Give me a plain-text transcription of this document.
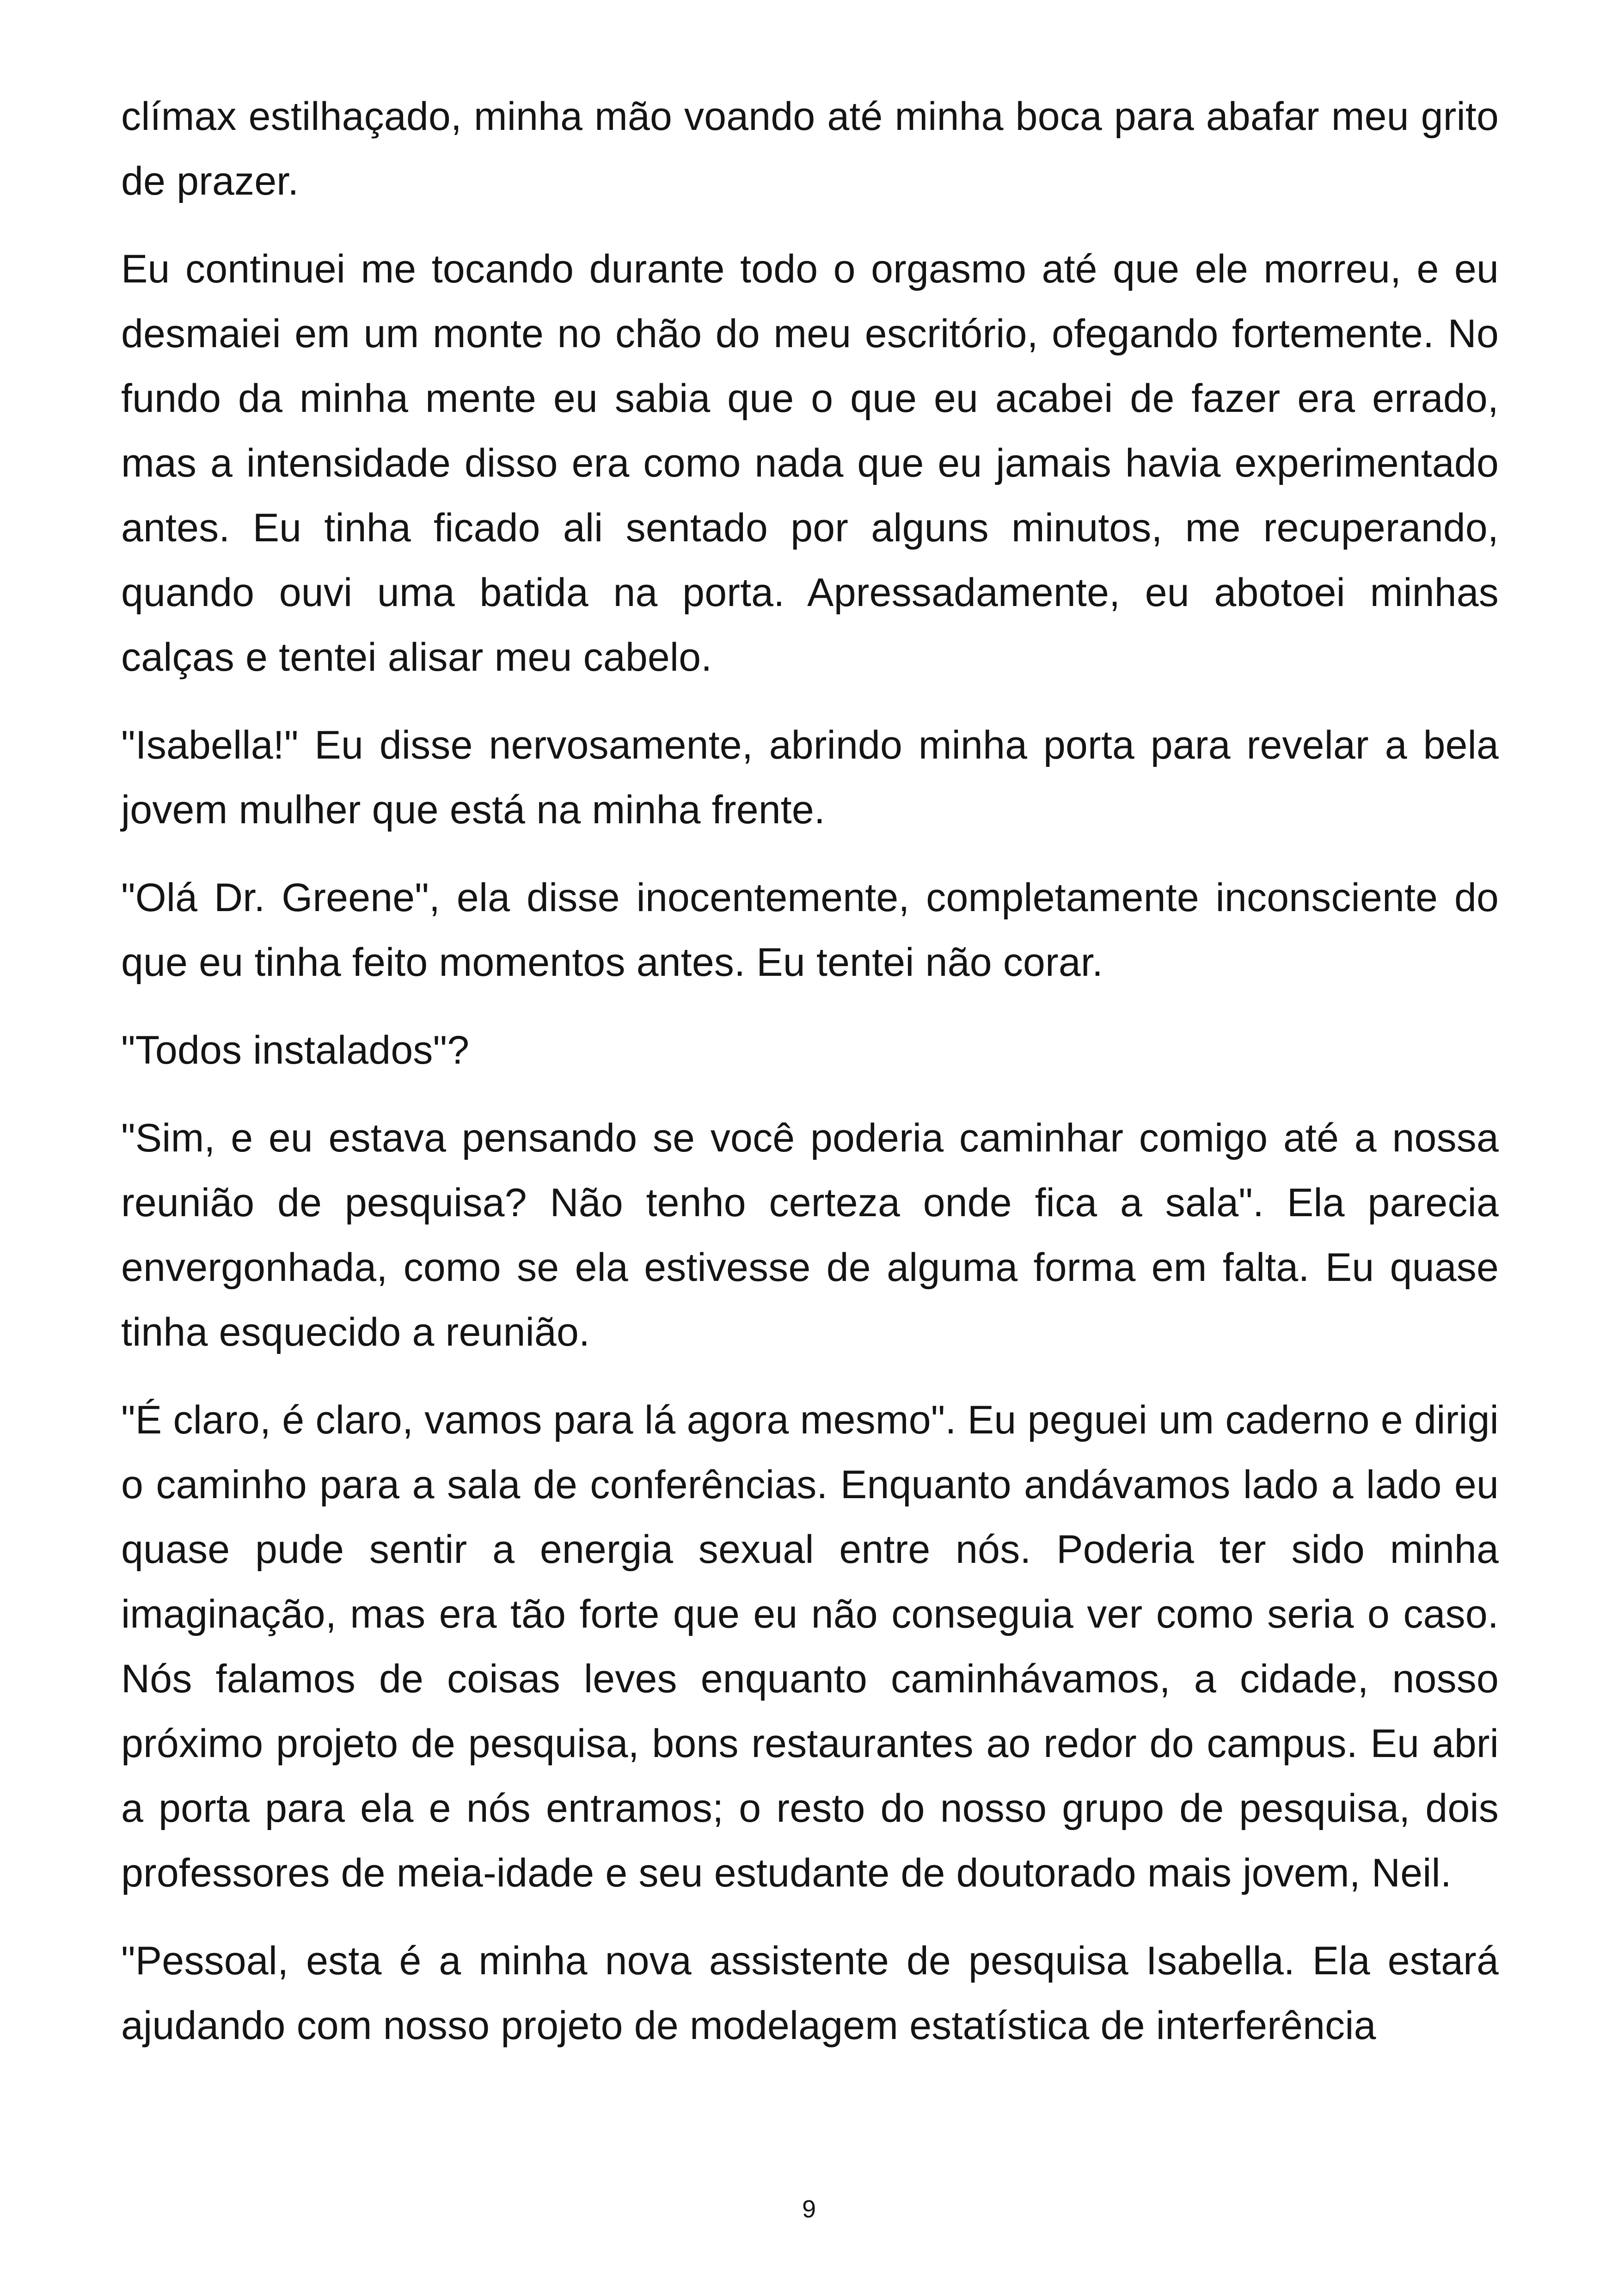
clímax estilhaçado, minha mão voando até minha boca para abafar meu grito de prazer.

Eu continuei me tocando durante todo o orgasmo até que ele morreu, e eu desmaiei em um monte no chão do meu escritório, ofegando fortemente. No fundo da minha mente eu sabia que o que eu acabei de fazer era errado, mas a intensidade disso era como nada que eu jamais havia experimentado antes. Eu tinha ficado ali sentado por alguns minutos, me recuperando, quando ouvi uma batida na porta. Apressadamente, eu abotoei minhas calças e tentei alisar meu cabelo.

"Isabella!" Eu disse nervosamente, abrindo minha porta para revelar a bela jovem mulher que está na minha frente.

"Olá Dr. Greene", ela disse inocentemente, completamente inconsciente do que eu tinha feito momentos antes. Eu tentei não corar.

"Todos instalados"?

"Sim, e eu estava pensando se você poderia caminhar comigo até a nossa reunião de pesquisa? Não tenho certeza onde fica a sala". Ela parecia envergonhada, como se ela estivesse de alguma forma em falta. Eu quase tinha esquecido a reunião.

"É claro, é claro, vamos para lá agora mesmo". Eu peguei um caderno e dirigi o caminho para a sala de conferências. Enquanto andávamos lado a lado eu quase pude sentir a energia sexual entre nós. Poderia ter sido minha imaginação, mas era tão forte que eu não conseguia ver como seria o caso. Nós falamos de coisas leves enquanto caminhávamos, a cidade, nosso próximo projeto de pesquisa, bons restaurantes ao redor do campus. Eu abri a porta para ela e nós entramos; o resto do nosso grupo de pesquisa, dois professores de meia-idade e seu estudante de doutorado mais jovem, Neil.

"Pessoal, esta é a minha nova assistente de pesquisa Isabella. Ela estará ajudando com nosso projeto de modelagem estatística de interferência

9
